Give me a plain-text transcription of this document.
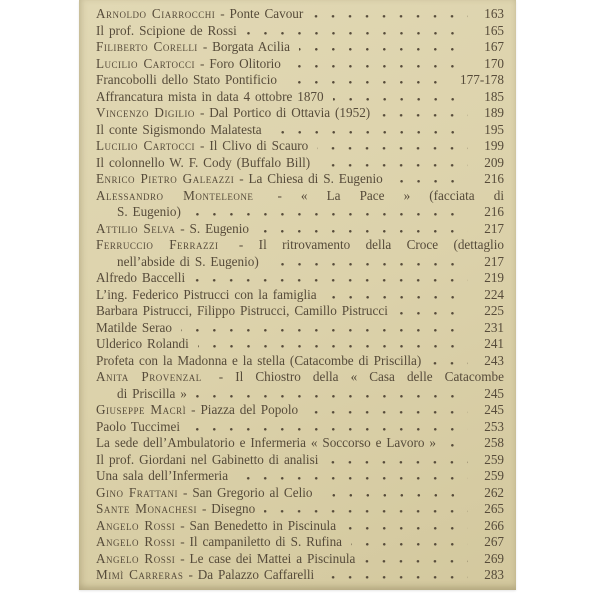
Arnoldo Ciarrocchi - Ponte Cavour	163
Il prof. Scipione de Rossi	165
Filiberto Corelli - Borgata Acilia	167
Lucilio Cartocci - Foro Olitorio	170
Francobolli dello Stato Pontificio	177-178
Affrancatura mista in data 4 ottobre 1870	185
Vincenzo Digilio - Dal Portico di Ottavia (1952)	189
Il conte Sigismondo Malatesta	195
Lucilio Cartocci - Il Clivo di Scauro	199
Il colonnello W. F. Cody (Buffalo Bill)	209
Enrico Pietro Galeazzi - La Chiesa di S. Eugenio	216
Alessandro Monteleone - « La Pace » (facciata di
S. Eugenio)	216
Attilio Selva - S. Eugenio	217
Ferruccio Ferrazzi - Il ritrovamento della Croce (dettaglio
nell’abside di S. Eugenio)	217
Alfredo Baccelli	219
L’ing. Federico Pistrucci con la famiglia	224
Barbara Pistrucci, Filippo Pistrucci, Camillo Pistrucci	225
Matilde Serao	231
Ulderico Rolandi	241
Profeta con la Madonna e la stella (Catacombe di Priscilla)	243
Anita Provenzal - Il Chiostro della « Casa delle Catacombe
di Priscilla »	245
Giuseppe Macrì - Piazza del Popolo	245
Paolo Tuccimei	253
La sede dell’Ambulatorio e Infermeria « Soccorso e Lavoro »	258
Il prof. Giordani nel Gabinetto di analisi	259
Una sala dell’Infermeria	259
Gino Frattani - San Gregorio al Celio	262
Sante Monachesi - Disegno	265
Angelo Rossi - San Benedetto in Piscinula	266
Angelo Rossi - Il campaniletto di S. Rufina	267
Angelo Rossi - Le case dei Mattei a Piscinula	269
Mimì Carreras - Da Palazzo Caffarelli	283
